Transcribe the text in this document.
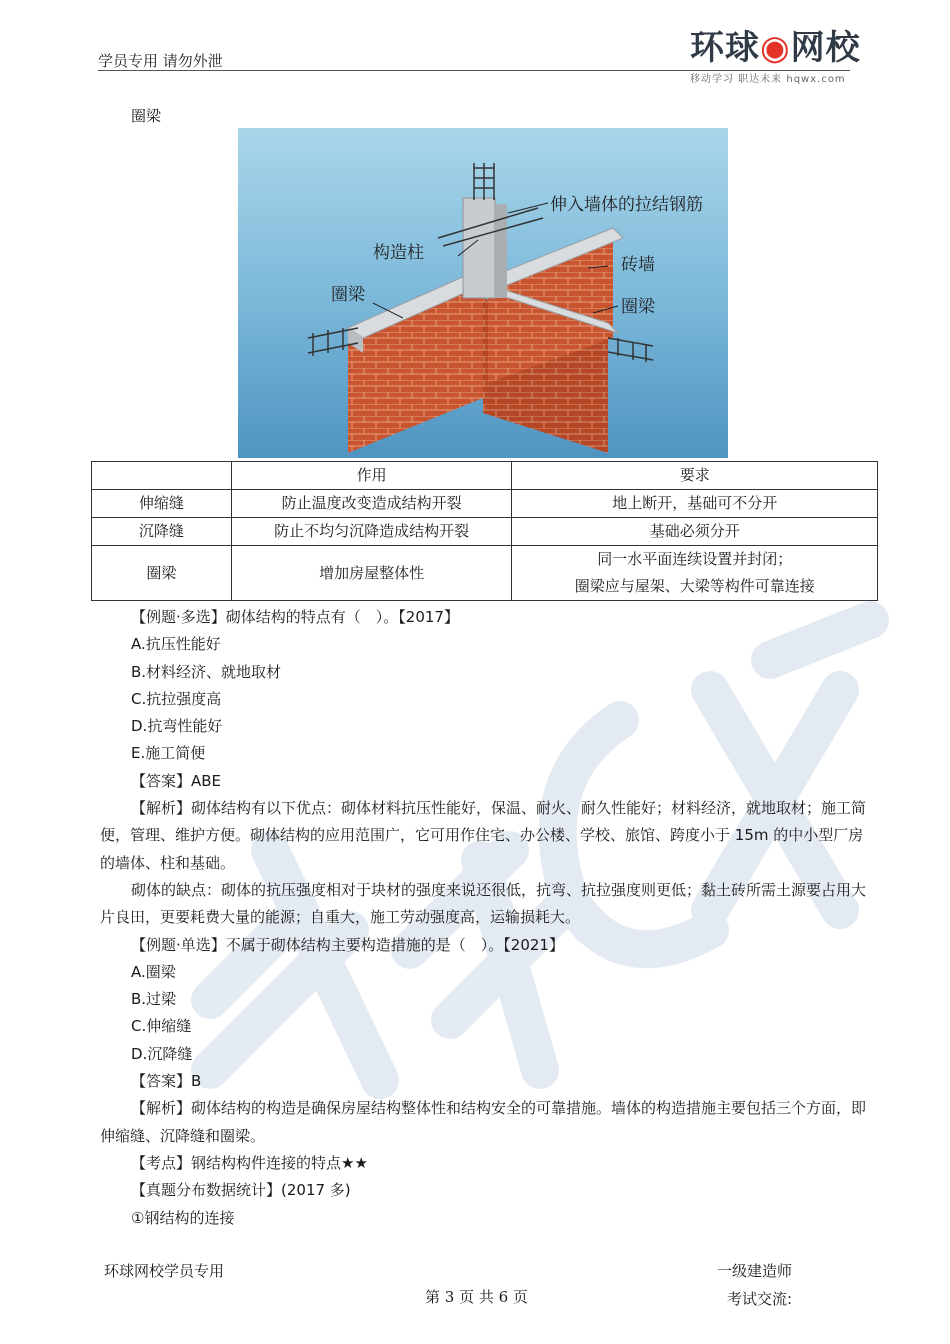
学员专用 请勿外泄	环球◉网校
移动学习 职达未来 hqwx.com
圈梁
伸入墙体的拉结钢筋
构造柱
砖墙
圈梁
圈梁
	作用	要求
伸缩缝	防止温度改变造成结构开裂	地上断开，基础可不分开
沉降缝	防止不均匀沉降造成结构开裂	基础必须分开
圈梁	增加房屋整体性	同一水平面连续设置并封闭；
圈梁应与屋架、大梁等构件可靠连接

【例题·多选】砌体结构的特点有（　）。【2017】

A.抗压性能好

B.材料经济、就地取材

C.抗拉强度高

D.抗弯性能好

E.施工简便

【答案】ABE

【解析】砌体结构有以下优点：砌体材料抗压性能好，保温、耐火、耐久性能好；材料经济，就地取材；施工简便，管理、维护方便。砌体结构的应用范围广，它可用作住宅、办公楼、学校、旅馆、跨度小于 15m 的中小型厂房的墙体、柱和基础。

砌体的缺点：砌体的抗压强度相对于块材的强度来说还很低，抗弯、抗拉强度则更低；黏土砖所需土源要占用大片良田，更要耗费大量的能源；自重大，施工劳动强度高，运输损耗大。

【例题·单选】不属于砌体结构主要构造措施的是（　）。【2021】

A.圈梁

B.过梁

C.伸缩缝

D.沉降缝

【答案】B

【解析】砌体结构的构造是确保房屋结构整体性和结构安全的可靠措施。墙体的构造措施主要包括三个方面，即伸缩缝、沉降缝和圈梁。

【考点】钢结构构件连接的特点★★

【真题分布数据统计】(2017 多)

①钢结构的连接

环球网校学员专用	一级建造师
第 3 页 共 6 页	考试交流:
